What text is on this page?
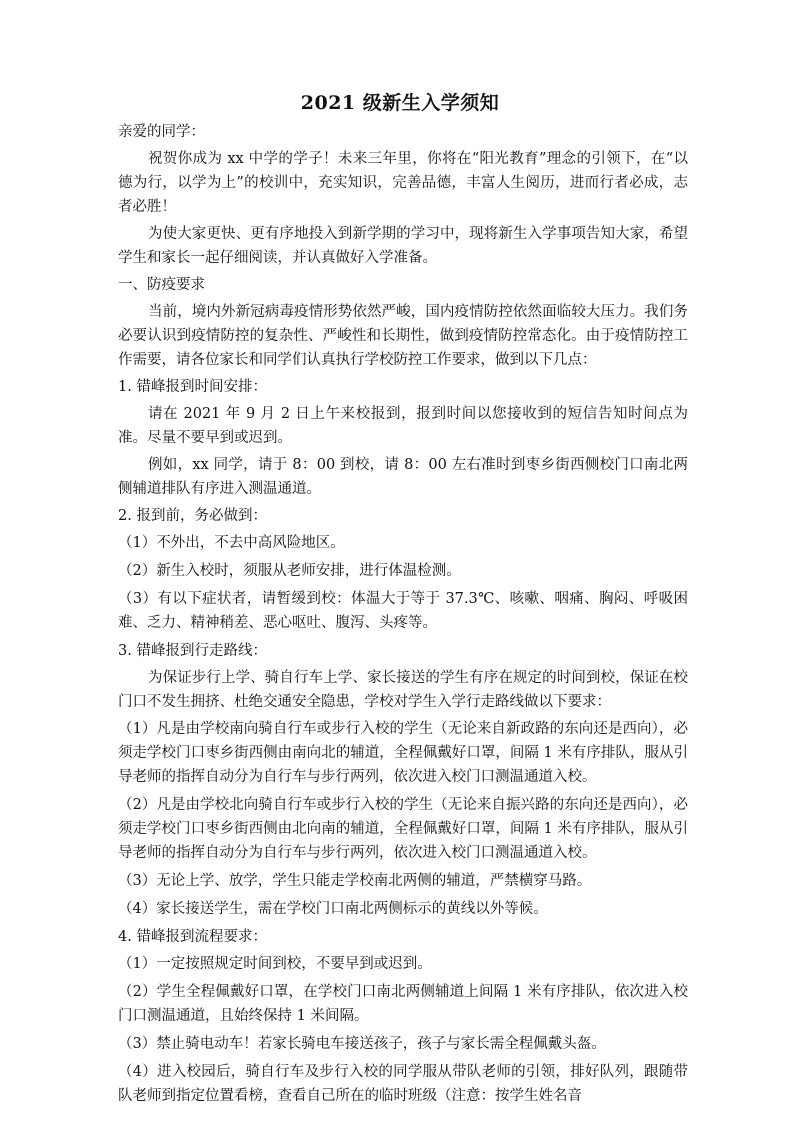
2021 级新生入学须知
亲爱的同学：
祝贺你成为 xx 中学的学子！未来三年里，你将在“阳光教育”理念的引领下，在“以德为行，以学为上”的校训中，充实知识，完善品德，丰富人生阅历，进而行者必成，志者必胜！
为使大家更快、更有序地投入到新学期的学习中，现将新生入学事项告知大家，希望学生和家长一起仔细阅读，并认真做好入学准备。
一、防疫要求
当前，境内外新冠病毒疫情形势依然严峻，国内疫情防控依然面临较大压力。我们务必要认识到疫情防控的复杂性、严峻性和长期性，做到疫情防控常态化。由于疫情防控工作需要，请各位家长和同学们认真执行学校防控工作要求，做到以下几点：
1. 错峰报到时间安排：
请在 2021 年 9 月 2 日上午来校报到，报到时间以您接收到的短信告知时间点为准。尽量不要早到或迟到。
例如，xx 同学，请于 8：00 到校，请 8：00 左右准时到枣乡街西侧校门口南北两侧辅道排队有序进入测温通道。
2. 报到前，务必做到：
（1）不外出，不去中高风险地区。
（2）新生入校时，须服从老师安排，进行体温检测。
（3）有以下症状者，请暂缓到校：体温大于等于 37.3℃、咳嗽、咽痛、胸闷、呼吸困难、乏力、精神稍差、恶心呕吐、腹泻、头疼等。
3. 错峰报到行走路线：
为保证步行上学、骑自行车上学、家长接送的学生有序在规定的时间到校，保证在校门口不发生拥挤、杜绝交通安全隐患，学校对学生入学行走路线做以下要求：
（1）凡是由学校南向骑自行车或步行入校的学生（无论来自新政路的东向还是西向），必须走学校门口枣乡街西侧由南向北的辅道，全程佩戴好口罩，间隔 1 米有序排队，服从引导老师的指挥自动分为自行车与步行两列，依次进入校门口测温通道入校。
（2）凡是由学校北向骑自行车或步行入校的学生（无论来自振兴路的东向还是西向），必须走学校门口枣乡街西侧由北向南的辅道，全程佩戴好口罩，间隔 1 米有序排队，服从引导老师的指挥自动分为自行车与步行两列，依次进入校门口测温通道入校。
（3）无论上学、放学，学生只能走学校南北两侧的辅道，严禁横穿马路。
（4）家长接送学生，需在学校门口南北两侧标示的黄线以外等候。
4. 错峰报到流程要求：
（1）一定按照规定时间到校，不要早到或迟到。
（2）学生全程佩戴好口罩，在学校门口南北两侧辅道上间隔 1 米有序排队，依次进入校门口测温通道，且始终保持 1 米间隔。
（3）禁止骑电动车！若家长骑电车接送孩子，孩子与家长需全程佩戴头盔。
（4）进入校园后，骑自行车及步行入校的同学服从带队老师的引领，排好队列，跟随带队老师到指定位置看榜，查看自己所在的临时班级（注意：按学生姓名音
